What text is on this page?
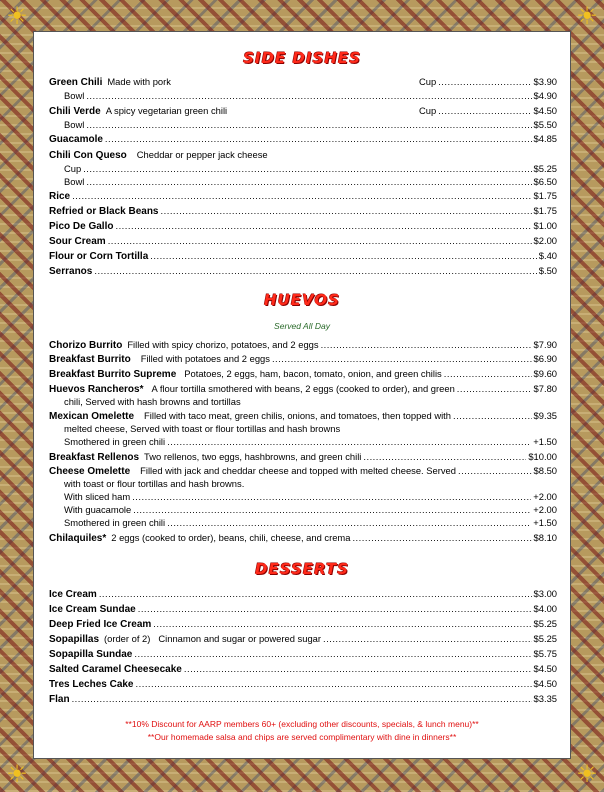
☀	☀
☀	☀
SIDE DISHES
Green Chili Made with pork	Cup .....	$3.90
Bowl .....	$4.90
Chili Verde A spicy vegetarian green chili	Cup .....	$4.50
Bowl .....	$5.50
Guacamole .....	$4.85
Chili Con Queso Cheddar or pepper jack cheese
Cup .....	$5.25
Bowl .....	$6.50
Rice .....	$1.75
Refried or Black Beans .....	$1.75
Pico De Gallo .....	$1.00
Sour Cream .....	$2.00
Flour or Corn Tortilla .....	$.40
Serranos .....	$.50
HUEVOS
Served All Day
Chorizo Burrito Filled with spicy chorizo, potatoes, and 2 eggs .....	$7.90
Breakfast Burrito Filled with potatoes and 2 eggs .....	$6.90
Breakfast Burrito Supreme Potatoes, 2 eggs, ham, bacon, tomato, onion, and green chilis .....	$9.60
Huevos Rancheros* A flour tortilla smothered with beans, 2 eggs (cooked to order), and green .....	$7.80
chili, Served with hash browns and tortillas
Mexican Omelette Filled with taco meat, green chilis, onions, and tomatoes, then topped with .....	$9.35
melted cheese, Served with toast or flour tortillas and hash browns
Smothered in green chili .....	+1.50
Breakfast Rellenos Two rellenos, two eggs, hashbrowns, and green chili .....	$10.00
Cheese Omelette Filled with jack and cheddar cheese and topped with melted cheese. Served .....	$8.50
with toast or flour tortillas and hash browns.
With sliced ham .....	+2.00
With guacamole .....	+2.00
Smothered in green chili .....	+1.50
Chilaquiles* 2 eggs (cooked to order), beans, chili, cheese, and crema .....	$8.10
DESSERTS
Ice Cream .....	$3.00
Ice Cream Sundae .....	$4.00
Deep Fried Ice Cream .....	$5.25
Sopapillas (order of 2) Cinnamon and sugar or powered sugar .....	$5.25
Sopapilla Sundae .....	$5.75
Salted Caramel Cheesecake .....	$4.50
Tres Leches Cake .....	$4.50
Flan .....	$3.35
**10% Discount for AARP members 60+ (excluding other discounts, specials, & lunch menu)**
**Our homemade salsa and chips are served complimentary with dine in dinners**
